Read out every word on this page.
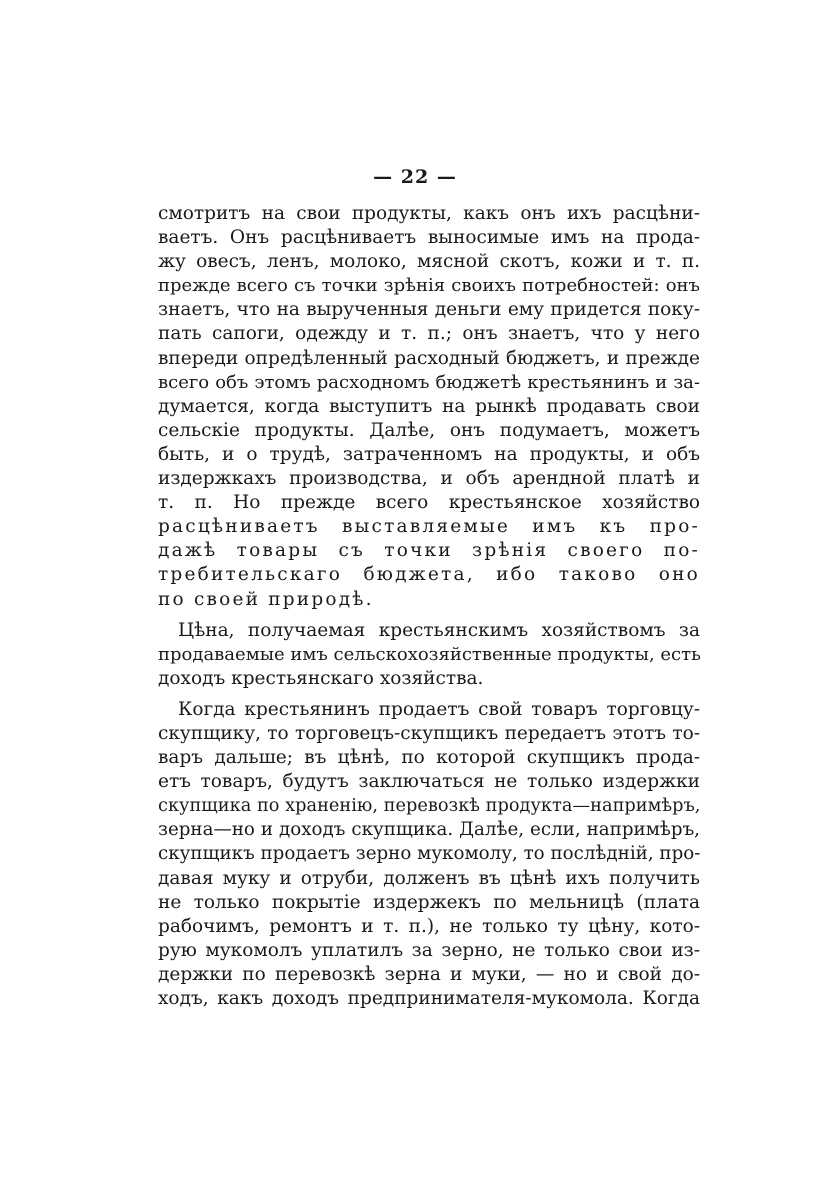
— 22 —
смотритъ на свои продукты, какъ онъ ихъ расцѣни-
ваетъ. Онъ расцѣниваетъ выносимые имъ на прода-
жу овесъ, ленъ, молоко, мясной скотъ, кожи и т. п.
прежде всего съ точки зрѣнія своихъ потребностей: онъ
знаетъ, что на вырученныя деньги ему придется поку-
пать сапоги, одежду и т. п.; онъ знаетъ, что у него
впереди опредѣленный расходный бюджетъ, и прежде
всего объ этомъ расходномъ бюджетѣ крестьянинъ и за-
думается, когда выступитъ на рынкѣ продавать свои
сельскіе продукты. Далѣе, онъ подумаетъ, можетъ
быть, и о трудѣ, затраченномъ на продукты, и объ
издержкахъ производства, и объ арендной платѣ и
т. п. Но прежде всего крестьянское хозяйство
расцѣниваетъ выставляемые имъ къ про-
дажѣ товары съ точки зрѣнія своего по-
требительскаго бюджета, ибо таково оно
по своей природѣ.
Цѣна, получаемая крестьянскимъ хозяйствомъ за
продаваемые имъ сельскохозяйственные продукты, есть
доходъ крестьянскаго хозяйства.
Когда крестьянинъ продаетъ свой товаръ торговцу-
скупщику, то торговецъ-скупщикъ передаетъ этотъ то-
варъ дальше; въ цѣнѣ, по которой скупщикъ прода-
етъ товаръ, будутъ заключаться не только издержки
скупщика по храненію, перевозкѣ продукта—напримѣръ,
зерна—но и доходъ скупщика. Далѣе, если, напримѣръ,
скупщикъ продаетъ зерно мукомолу, то послѣдній, про-
давая муку и отруби, долженъ въ цѣнѣ ихъ получить
не только покрытіе издержекъ по мельницѣ (плата
рабочимъ, ремонтъ и т. п.), не только ту цѣну, кото-
рую мукомолъ уплатилъ за зерно, не только свои из-
держки по перевозкѣ зерна и муки, — но и свой до-
ходъ, какъ доходъ предпринимателя-мукомола. Когда
